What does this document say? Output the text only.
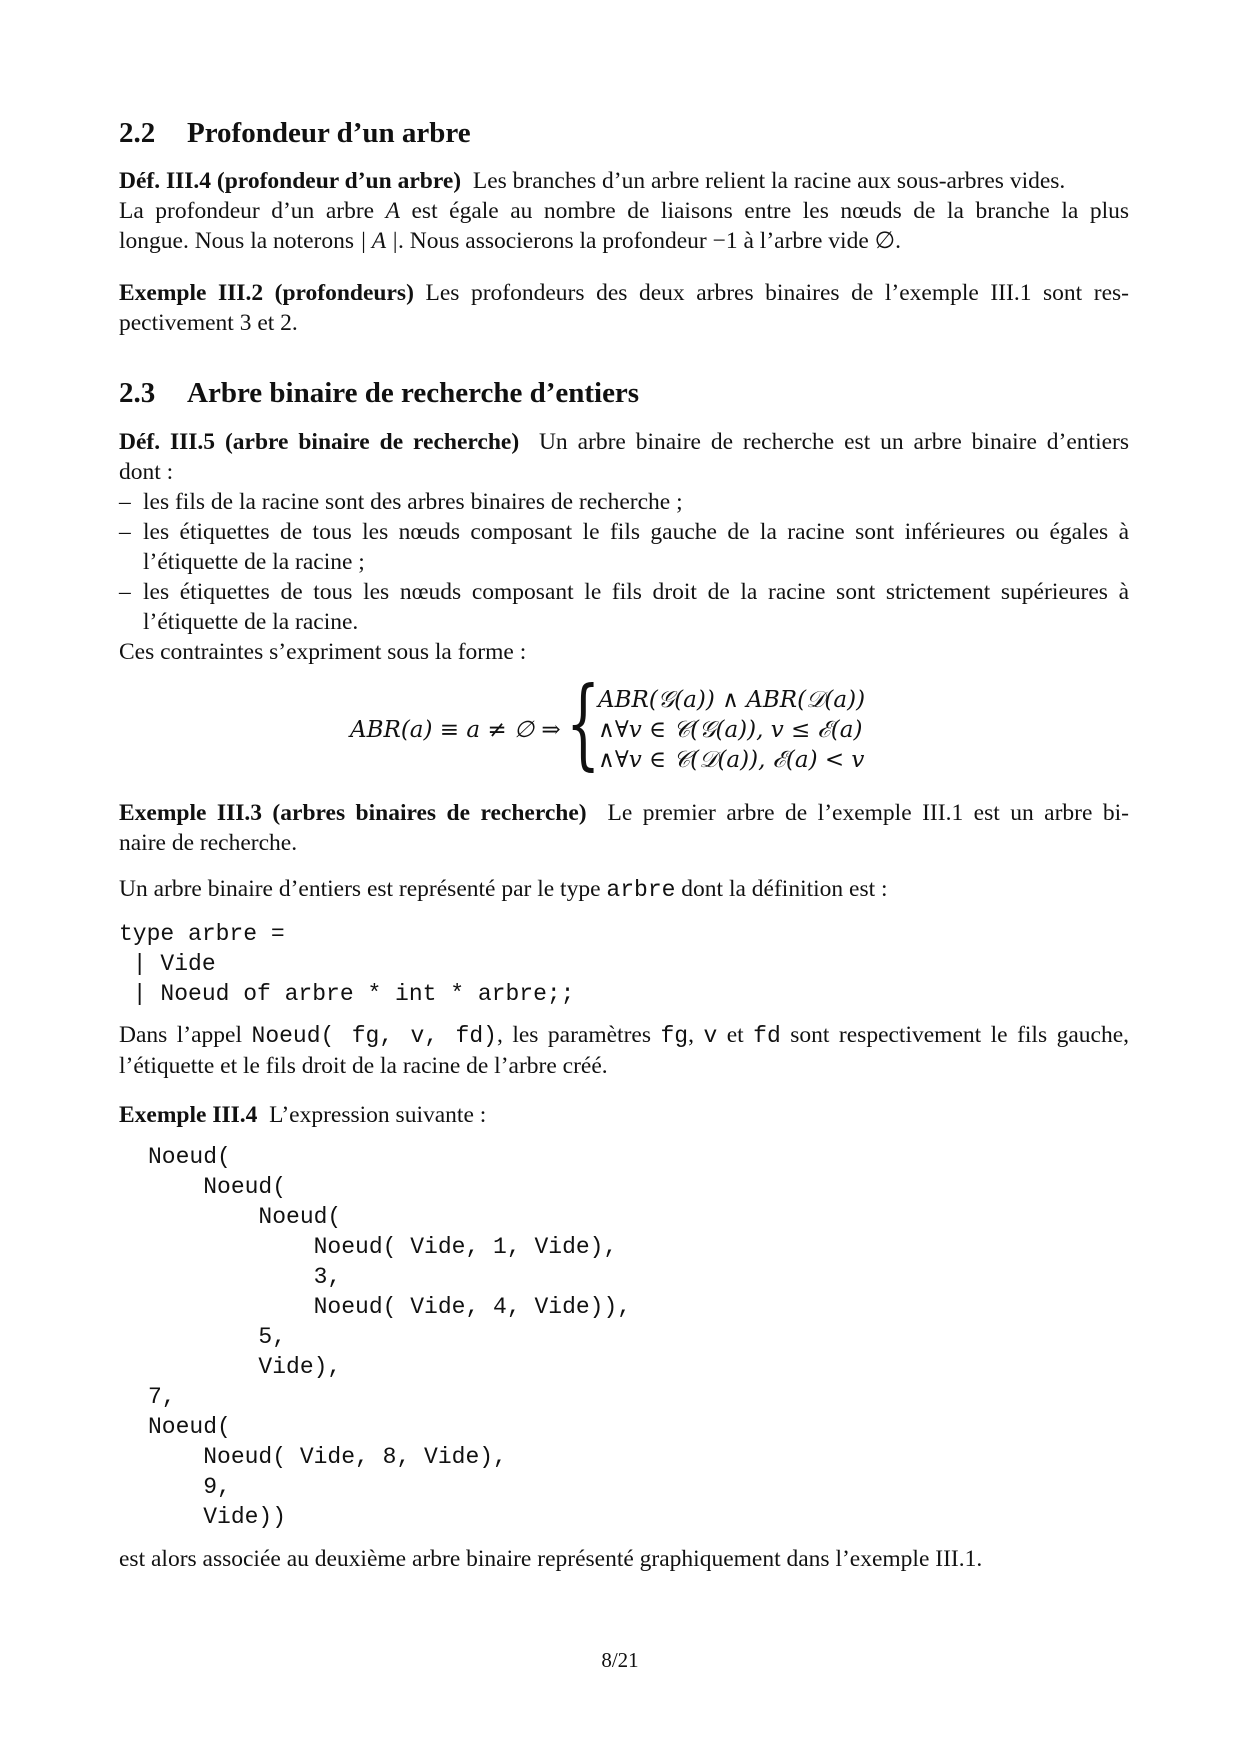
2.2 Profondeur d’un arbre
Déf. III.4 (profondeur d’un arbre) Les branches d’un arbre relient la racine aux sous-arbres vides.
La profondeur d’un arbre A est égale au nombre de liaisons entre les nœuds de la branche la plus
longue. Nous la noterons | A |. Nous associerons la profondeur −1 à l’arbre vide ∅.
Exemple III.2 (profondeurs) Les profondeurs des deux arbres binaires de l’exemple III.1 sont res-
pectivement 3 et 2.
2.3 Arbre binaire de recherche d’entiers
Déf. III.5 (arbre binaire de recherche) Un arbre binaire de recherche est un arbre binaire d’entiers
dont :
– les fils de la racine sont des arbres binaires de recherche ;
– les étiquettes de tous les nœuds composant le fils gauche de la racine sont inférieures ou égales à l’étiquette de la racine ;
– les étiquettes de tous les nœuds composant le fils droit de la racine sont strictement supérieures à l’étiquette de la racine.
Ces contraintes s’expriment sous la forme :
ABR(a) ≡ a ≠ ∅ ⇒ {
ABR(𝒢(a)) ∧ ABR(𝒟(a))
∧∀v ∈ 𝒞(𝒢(a)), v ≤ ℰ(a)
∧∀v ∈ 𝒞(𝒟(a)), ℰ(a) < v
Exemple III.3 (arbres binaires de recherche) Le premier arbre de l’exemple III.1 est un arbre bi-
naire de recherche.
Un arbre binaire d’entiers est représenté par le type arbre dont la définition est :
type arbre =
| Vide
| Noeud of arbre * int * arbre;;
Dans l’appel Noeud( fg, v, fd), les paramètres fg, v et fd sont respectivement le fils gauche,
l’étiquette et le fils droit de la racine de l’arbre créé.
Exemple III.4 L’expression suivante :
Noeud(
Noeud(
Noeud(
Noeud( Vide, 1, Vide),
3,
Noeud( Vide, 4, Vide)),
5,
Vide),
7,
Noeud(
Noeud( Vide, 8, Vide),
9,
Vide))
est alors associée au deuxième arbre binaire représenté graphiquement dans l’exemple III.1.
8/21
